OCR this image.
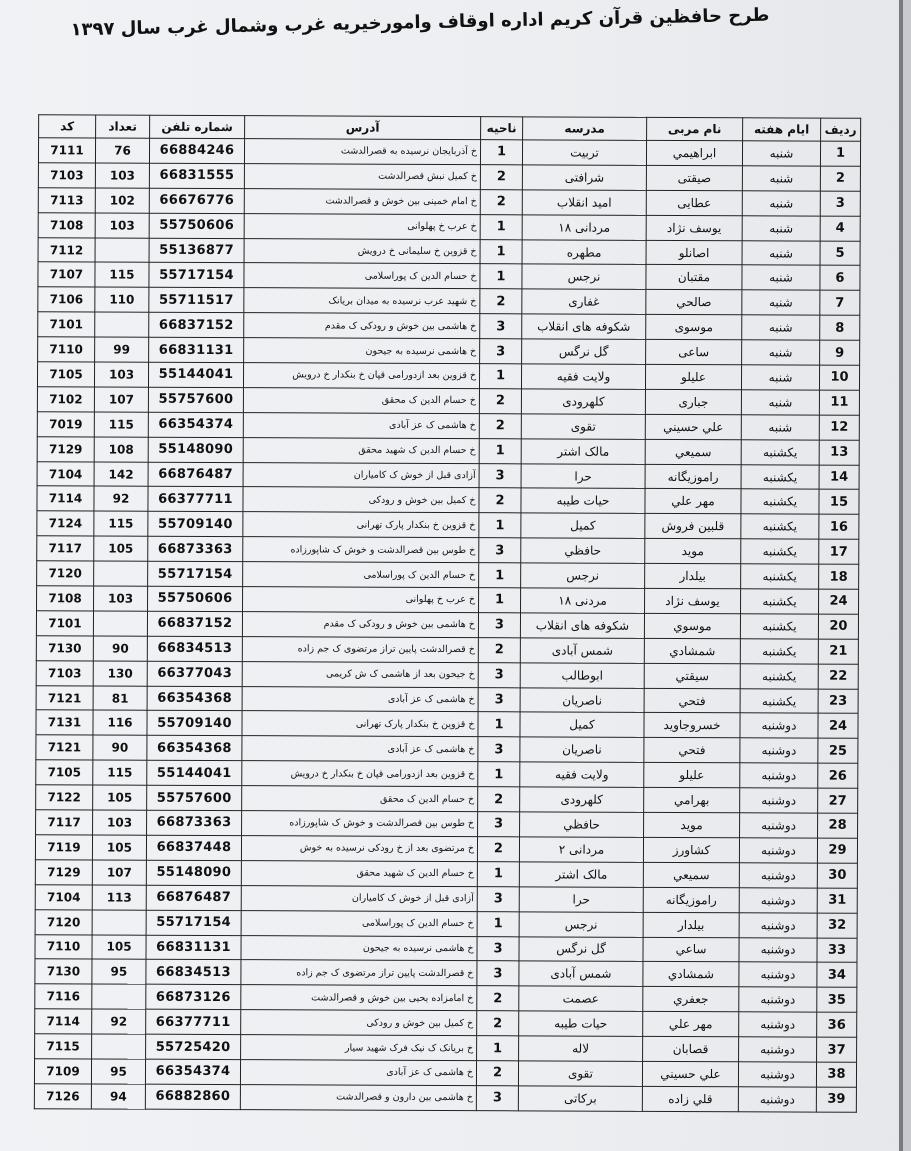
طرح حافظین قرآن کریم اداره اوقاف وامورخیریه غرب وشمال غرب سال ۱۳۹۷
ردیف	ایام هفته	نام مربی	مدرسه	ناحیه	آدرس	شماره تلفن	تعداد	کد
1	شنبه	ابراهیمي	تربیت	1	خ آذربایجان نرسیده به قصرالدشت	66884246	76	7111
2	شنبه	صیقتی	شرافتی	2	خ کمیل نبش قصرالدشت	66831555	103	7103
3	شنبه	عطایی	امید انقلاب	2	خ امام خمینی بین خوش و قصرالدشت	66676776	102	7113
4	شنبه	یوسف نژاد	مردانی ۱۸	1	خ عرب خ پهلوانی	55750606	103	7108
5	شنبه	اصانلو	مطهره	1	خ قزوین خ سلیمانی خ درویش	55136877		7112
6	شنبه	مقتبان	نرجس	1	خ حسام الدین ک پوراسلامی	55717154	115	7107
7	شنبه	صالحي	غفاری	2	خ شهید عرب نرسیده به میدان بریانک	55711517	110	7106
8	شنبه	موسوی	شکوفه های انقلاب	3	خ هاشمی بین خوش و رودکی ک مقدم	66837152		7101
9	شنبه	ساعی	گل نرگس	3	خ هاشمی نرسیده به جیحون	66831131	99	7110
10	شنبه	علیلو	ولایت فقیه	1	خ قزوین بعد ازدورامی قپان خ بنکدار خ درویش	55144041	103	7105
11	شنبه	جباری	کلهرودی	2	خ حسام الدین ک محقق	55757600	107	7102
12	شنبه	علي حسیني	تقوی	2	خ هاشمی ک عز آبادی	66354374	115	7019
13	یکشنبه	سمیعي	مالک اشتر	1	خ حسام الدین ک شهید محقق	55148090	108	7129
14	یکشنبه	راموزیگانه	حرا	3	آزادی قبل از خوش ک کامیاران	66876487	142	7104
15	یکشنبه	مهر علي	حیات طیبه	2	خ کمیل بین خوش و رودکی	66377711	92	7114
16	یکشنبه	قلبین فروش	کمیل	1	خ قزوین خ بنکدار پارک تهرانی	55709140	115	7124
17	یکشنبه	موید	حافظي	3	خ طوس بین قصرالدشت و خوش ک شاپورزاده	66873363	105	7117
18	یکشنبه	بیلدار	نرجس	1	خ حسام الدین ک پوراسلامی	55717154		7120
24	یکشنبه	یوسف نژاد	مردنی ۱۸	1	خ عرب خ پهلوانی	55750606	103	7108
20	یکشنبه	موسوي	شکوفه های انقلاب	3	خ هاشمی بین خوش و رودکی ک مقدم	66837152		7101
21	یکشنبه	شمشادي	شمس آبادی	2	خ قصرالدشت پایین تراز مرتضوی ک جم زاده	66834513	90	7130
22	یکشنبه	سیقتي	ابوطالب	3	خ جیحون بعد از هاشمی ک ش کریمی	66377043	130	7103
23	یکشنبه	فتحي	ناصریان	3	خ هاشمی ک عز آبادی	66354368	81	7121
24	دوشنبه	خسروجاوید	کمیل	1	خ قزوین خ بنکدار پارک تهرانی	55709140	116	7131
25	دوشنبه	فتحي	ناصریان	3	خ هاشمی ک عز آبادی	66354368	90	7121
26	دوشنبه	علیلو	ولایت فقیه	1	خ قزوین بعد ازدورامی قپان خ بنکدار خ درویش	55144041	115	7105
27	دوشنبه	بهرامي	کلهرودی	2	خ حسام الدین ک محقق	55757600	105	7122
28	دوشنبه	موید	حافظي	3	خ طوس بین قصرالدشت و خوش ک شاپورزاده	66873363	103	7117
29	دوشنبه	کشاورز	مردانی ۲	2	خ مرتضوی بعد از خ رودکی نرسیده به خوش	66837448	105	7119
30	دوشنبه	سمیعي	مالک اشتر	1	خ حسام الدین ک شهید محقق	55148090	107	7129
31	دوشنبه	راموزیگانه	حرا	3	آزادی قبل از خوش ک کامیاران	66876487	113	7104
32	دوشنبه	بیلدار	نرجس	1	خ حسام الدین ک پوراسلامی	55717154		7120
33	دوشنبه	ساعي	گل نرگس	3	خ هاشمی نرسیده به جیحون	66831131	105	7110
34	دوشنبه	شمشادي	شمس آبادی	3	خ قصرالدشت پایین تراز مرتضوی ک جم زاده	66834513	95	7130
35	دوشنبه	جعفري	عصمت	2	خ امامزاده یحیی بین خوش و قصرالدشت	66873126		7116
36	دوشنبه	مهر علي	حیات طیبه	2	خ کمیل بین خوش و رودکی	66377711	92	7114
37	دوشنبه	قصابان	لاله	1	خ بریانک ک نیک فرک شهید سیار	55725420		7115
38	دوشنبه	علي حسیني	تقوی	2	خ هاشمی ک عز آبادی	66354374	95	7109
39	دوشنبه	قلي زاده	برکاتی	3	خ هاشمی بین دارون و قصرالدشت	66882860	94	7126
